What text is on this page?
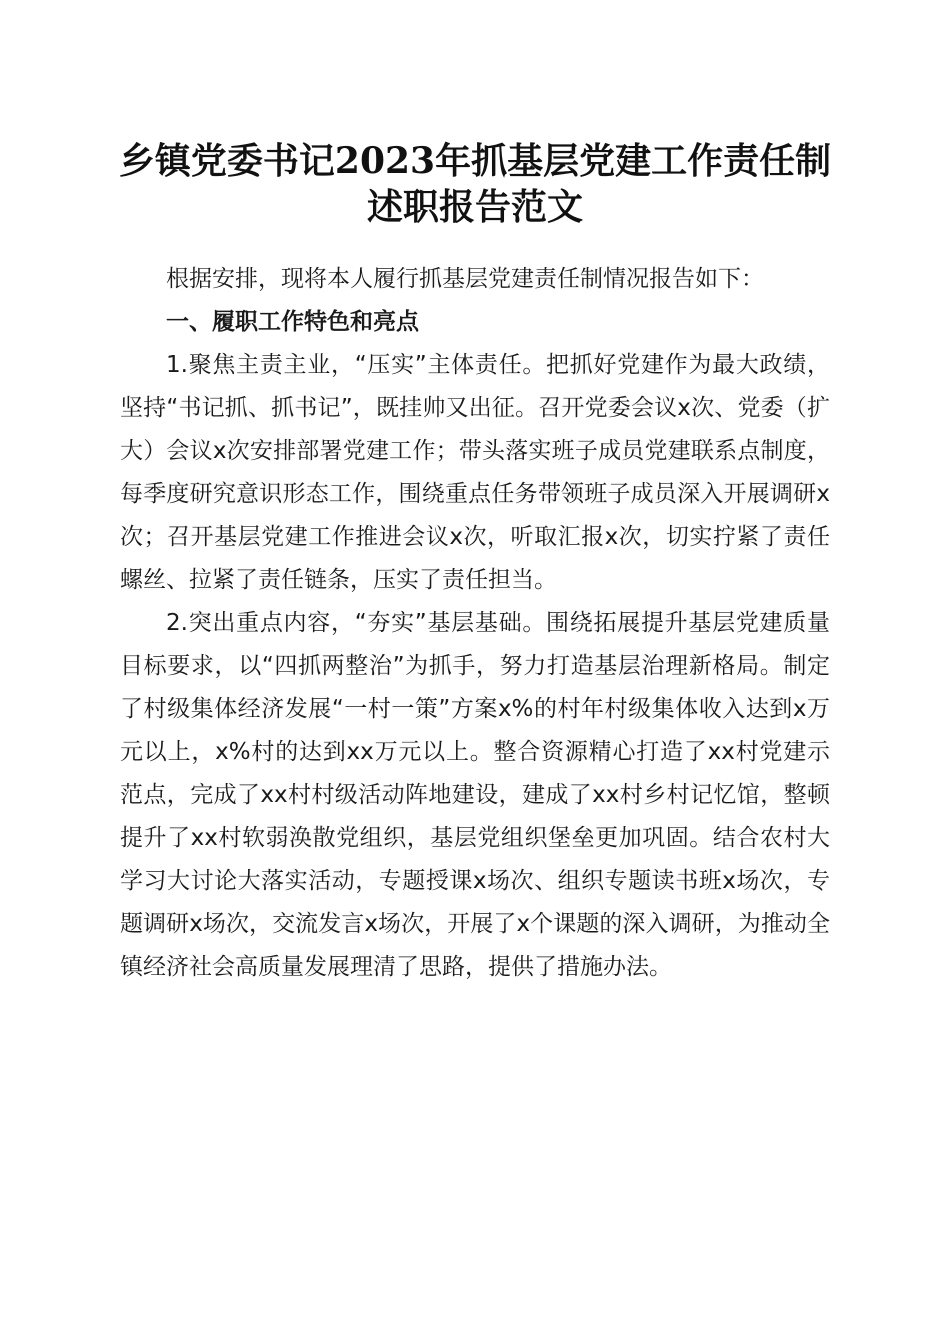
乡镇党委书记2023年抓基层党建工作责任制
述职报告范文

根据安排，现将本人履行抓基层党建责任制情况报告如下：

一、履职工作特色和亮点

1.聚焦主责主业，“压实”主体责任。把抓好党建作为最大政绩，坚持“书记抓、抓书记”，既挂帅又出征。召开党委会议x次、党委（扩大）会议x次安排部署党建工作；带头落实班子成员党建联系点制度，每季度研究意识形态工作，围绕重点任务带领班子成员深入开展调研x次；召开基层党建工作推进会议x次，听取汇报x次，切实拧紧了责任螺丝、拉紧了责任链条，压实了责任担当。

2.突出重点内容，“夯实”基层基础。围绕拓展提升基层党建质量目标要求，以“四抓两整治”为抓手，努力打造基层治理新格局。制定了村级集体经济发展“一村一策”方案x%的村年村级集体收入达到x万元以上，x%村的达到xx万元以上。整合资源精心打造了xx村党建示范点，完成了xx村村级活动阵地建设，建成了xx村乡村记忆馆，整顿提升了xx村软弱涣散党组织，基层党组织堡垒更加巩固。结合农村大学习大讨论大落实活动，专题授课x场次、组织专题读书班x场次，专题调研x场次，交流发言x场次，开展了x个课题的深入调研，为推动全镇经济社会高质量发展理清了思路，提供了措施办法。
